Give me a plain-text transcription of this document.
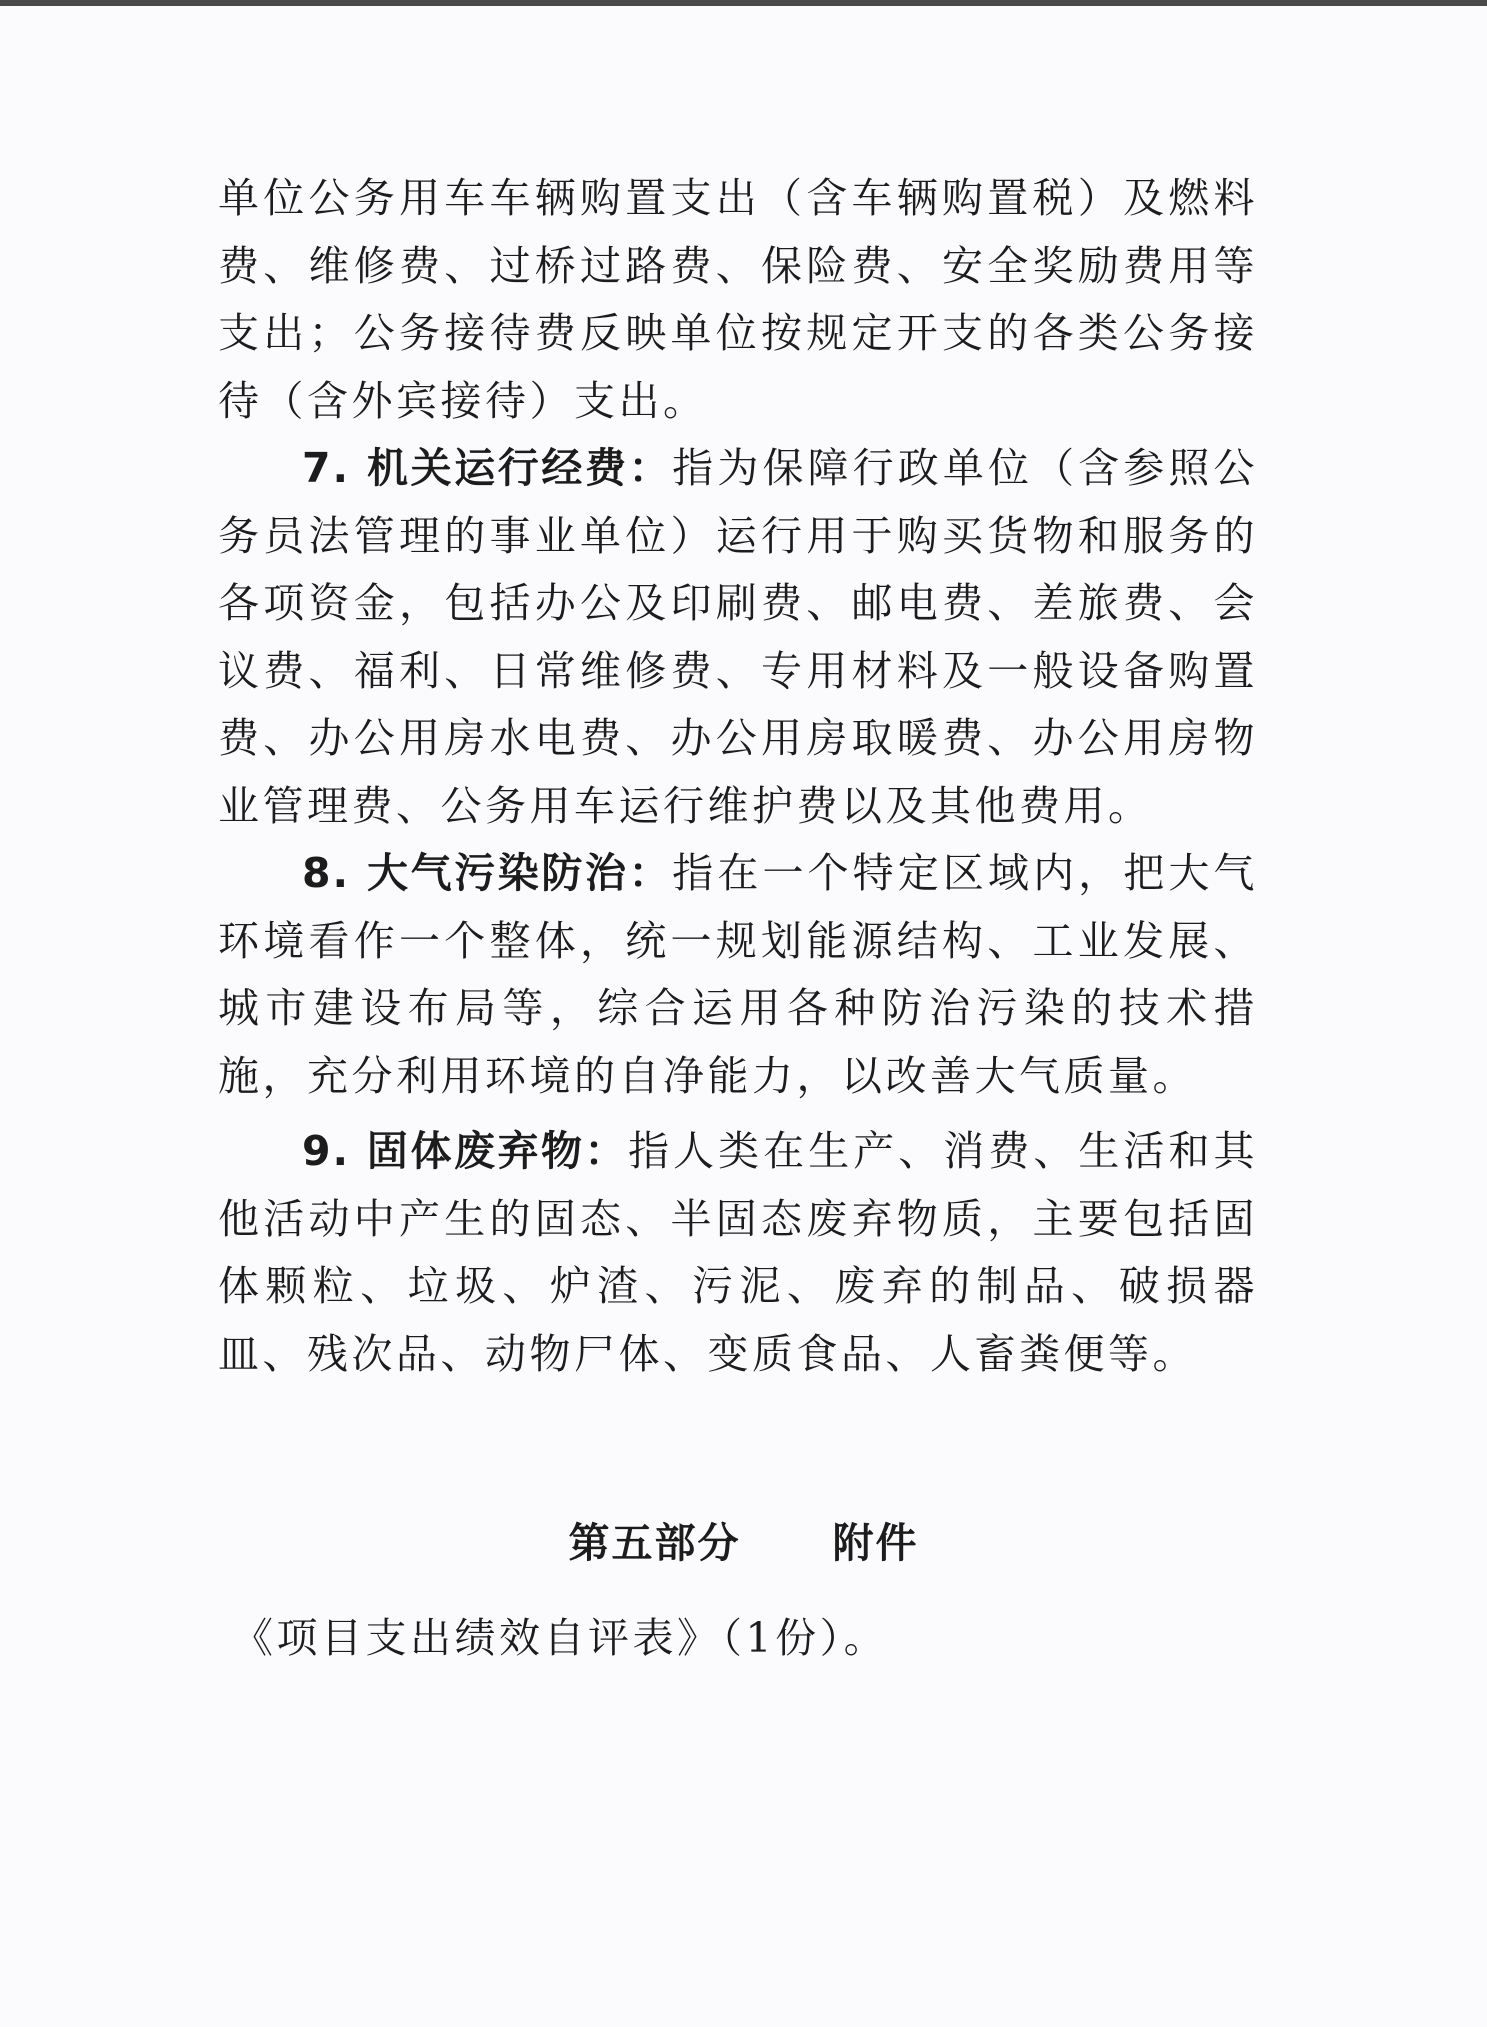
单位公务用车车辆购置支出（含车辆购置税）及燃料费、维修费、过桥过路费、保险费、安全奖励费用等支出；公务接待费反映单位按规定开支的各类公务接待（含外宾接待）支出。

7. 机关运行经费：指为保障行政单位（含参照公务员法管理的事业单位）运行用于购买货物和服务的各项资金，包括办公及印刷费、邮电费、差旅费、会议费、福利、日常维修费、专用材料及一般设备购置费、办公用房水电费、办公用房取暖费、办公用房物业管理费、公务用车运行维护费以及其他费用。

8. 大气污染防治：指在一个特定区域内，把大气环境看作一个整体，统一规划能源结构、工业发展、城市建设布局等，综合运用各种防治污染的技术措施，充分利用环境的自净能力，以改善大气质量。

9. 固体废弃物：指人类在生产、消费、生活和其他活动中产生的固态、半固态废弃物质，主要包括固体颗粒、垃圾、炉渣、污泥、废弃的制品、破损器皿、残次品、动物尸体、变质食品、人畜粪便等。

第五部分 附件

《项目支出绩效自评表》（1份）。
